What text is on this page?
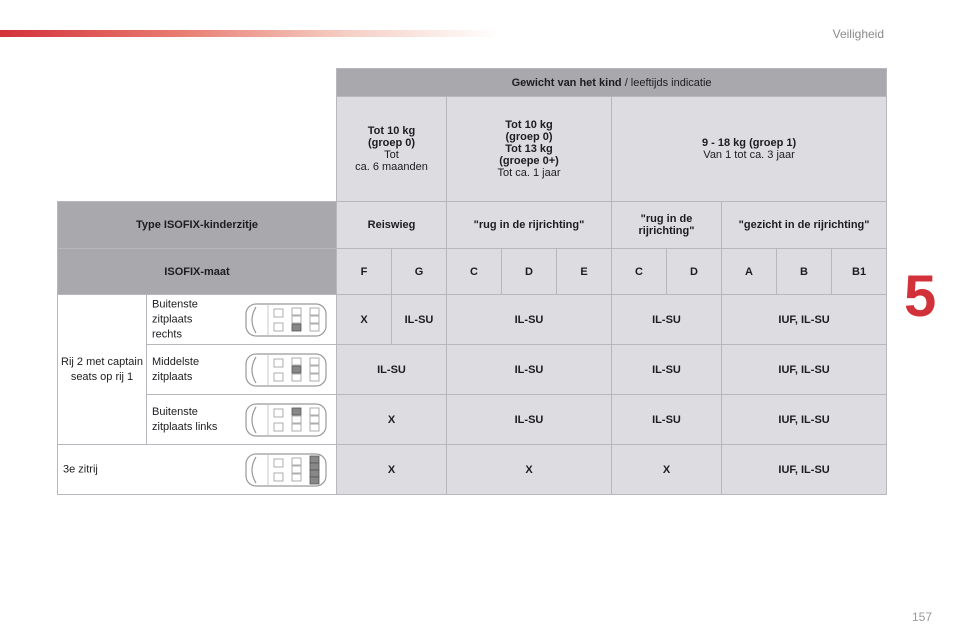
Veiligheid
5
157
		Gewicht van het kind / leeftijds indicatie									

		Tot 10 kg
(groep 0)
Tot
ca. 6 maanden		Tot 10 kg
(groep 0)
Tot 13 kg
(groepe 0+)
Tot ca. 1 jaar			9 - 18 kg (groep 1)
Van 1 tot ca. 3 jaar				

Type ISOFIX-kinderzitje		Reiswieg		"rug in de rijrichting"			"rug in de rijrichting"		"gezicht in de rijrichting"		
ISOFIX-maat		F	G	C	D	E	C	D	A	B	B1

Rij 2 met captain seats op rij 1	Buitenste zitplaats rechts	X	IL-SU	IL-SU			IL-SU		IUF, IL-SU		

	Middelste zitplaats	IL-SU		IL-SU			IL-SU		IUF, IL-SU		

	Buitenste zitplaats links	X		IL-SU			IL-SU		IUF, IL-SU		

3e zitrij		X		X			X		IUF, IL-SU		
